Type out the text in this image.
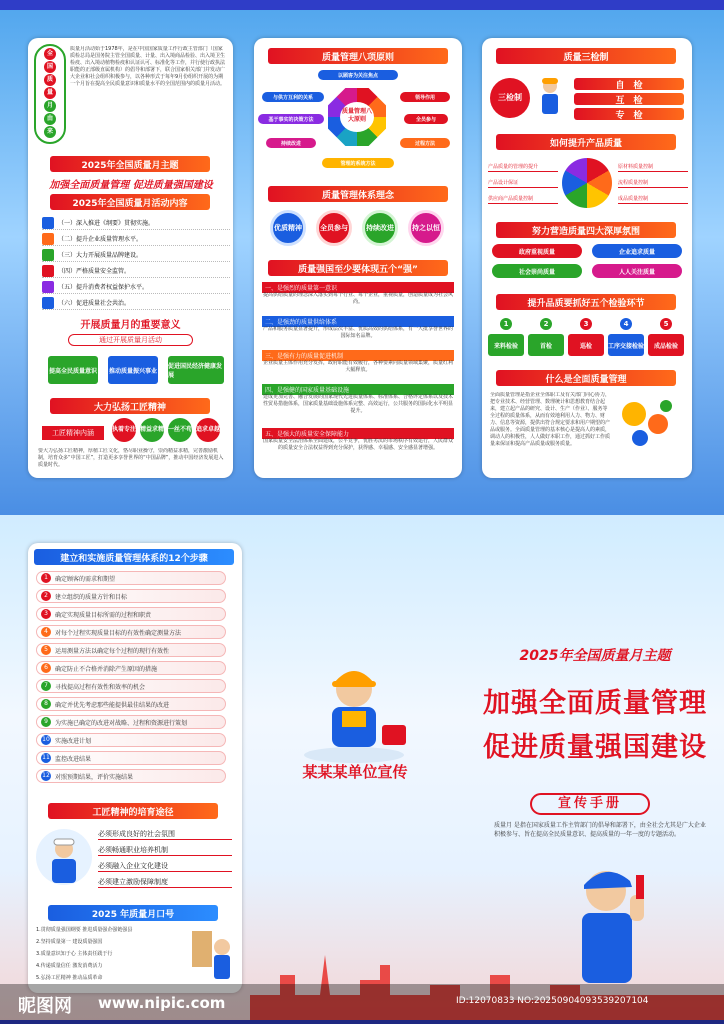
全
国
质
量
月
由
来
质量月活动始于1978年，是在中国国家质量工作行政主管部门（国家质检总局是国务院主管全国质量、计量、出入境商品检验、出入境卫生检疫、出入境动植物检疫和认证认可、标准化等工作，并行使行政执法职能的正部级直属机构）的倡导和部署下，联合国家相关部门并发动广大企业和社会组织积极参与，以各种形式于每年9月份组织开展的为期一个月旨在提高全民质量意识和质量水平的全国范围内的质量月活动。
2025年全国质量月主题
加强全面质量管理 促进质量强国建设
2025年全国质量月活动内容
（一）深入推进《纲要》贯彻实施。
（二）提升企业质量管理水平。
（三）大力开展质量品牌建设。
（四）严格质量安全监管。
（五）提升消费者权益保护水平。
（六）促进质量社会共治。
开展质量月的重要意义
通过开展质量月活动
提高全民质量意识 推动质量振兴事业
促进国民经济健康发展
大力弘扬工匠精神
工匠精神内涵	执着专注 精益求精 一丝不苟 追求卓越
要大力弘扬工匠精神，厚植工匠文化，恪尽职业操守，崇尚精益求精，完善激励机制，培育众多“中国工匠”，打造更多享誉世界的“中国品牌”，推动中国经济发展进入质量时代。
质量管理八项原则
质量管理八大原则
以顾客为关注焦点
领导作用
全员参与
过程方法
管理的系统方法
持续改进
基于事实的决策方法
与供方互利的关系
质量管理体系理念
优质精神	全员参与	持续改进	持之以恒
质量强国至少要体现五个“强”
一、是强烈的质量第一意识
提高供给质量的理念深入落实到每个行业、每个企业，重视质量，创造质量成为社会风尚。
二、是强劲的质量供给体系
产品和服务质量显著提升，形成层次丰富、优质高效的供给体系，有一大批享誉世界的国际知名品牌。
三、是强有力的质量促进机制
企业质量主体作用充分发挥，政府职能有效履行，各种要素向质量领域集聚，质量红利大幅释放。
四、是强健的国家质量基础设施
建成更加完善、融合发展的国家现代先进质量体系、标准体系、合格评定体系以及技术性贸易措施体系，国家质量基础设施体系完整、高效运行，公共服务的国际化水平明显提升。
五、是强大的质量安全保障能力
国家质量安全法治体系全面建成，公平竞争，优胜劣汰的市场秩序有效运行，人民群众的质量安全合法权益得到充分保护，获得感、幸福感、安全感显著增强。
质量三检制
三检制
自　检
互　检
专　检
如何提升产品质量
产品质量的管理的提升
产品设计保证
供应商产品质量控制
原材料质量控制
流程质量控制
成品质量控制
努力营造质量四大深厚氛围
政府重视质量	企业追求质量
社会崇尚质量	人人关注质量
提升品质要抓好五个检验环节
1	2	3	4	5
来料检验	首检	巡检	工序交接检验	成品检验
什么是全面质量管理
全面质量管理是指企业全体职工及有关部门同心协力，把专业技术、经营管理、数理统计和思想教育结合起来，建立起产品的研究、设计、生产（作业）、服务等全过程的质量体系，从而有效地利用人力、物力、财力、信息等资源，提供出符合规定要求和用户期望的产品或服务。全面质量管理的基本核心是提高人的素质，调动人的积极性，人人做好本职工作，通过抓好工作质量来保证和提高产品质量或服务质量。
建立和实施质量管理体系的12个步骤
1	确定顾客的需求和期望
2	建立组织的质量方针和目标
3	确定实现质量目标所需的过程和职责
4	对每个过程实现质量目标的有效性确定测量方法
5	运用测量方法以确定每个过程的现行有效性
6	确定防止不合格并消除产生原因的措施
7	寻找提高过程有效性和效率的机会
8	确定并优先考虑那些能提供最佳结果的改进
9	为实施已确定的改进对战略、过程和资源进行策划
10 实施改进计划
11 监控改进结果
12 对照预期结果，评价实施结果
工匠精神的培育途径
必须形成良好的社会氛围
必须畅通职业培养机制
必须融入企业文化建设
必须建立激励保障制度
2025 年质量月口号
1.贯彻质量强国纲要 推进质量强企强链强县
2.坚持质量第一 建设质量强国
3.质量意识知于心 主体责任践于行
4.传递质量信任 激发消费活力
5.弘扬工匠精神 推动品质革命
某某某单位宣传
2025年全国质量月主题
加强全面质量管理
促进质量强国建设
宣传手册
质量月 是指在国家质量工作主管部门的倡导和部署下，由全社会尤其是广大企业积极参与、旨在提高全民质量意识、提高质量的一年一度的专题活动。
昵图网 www.nipic.com	ID:12070833 NO:20250904093539207104
